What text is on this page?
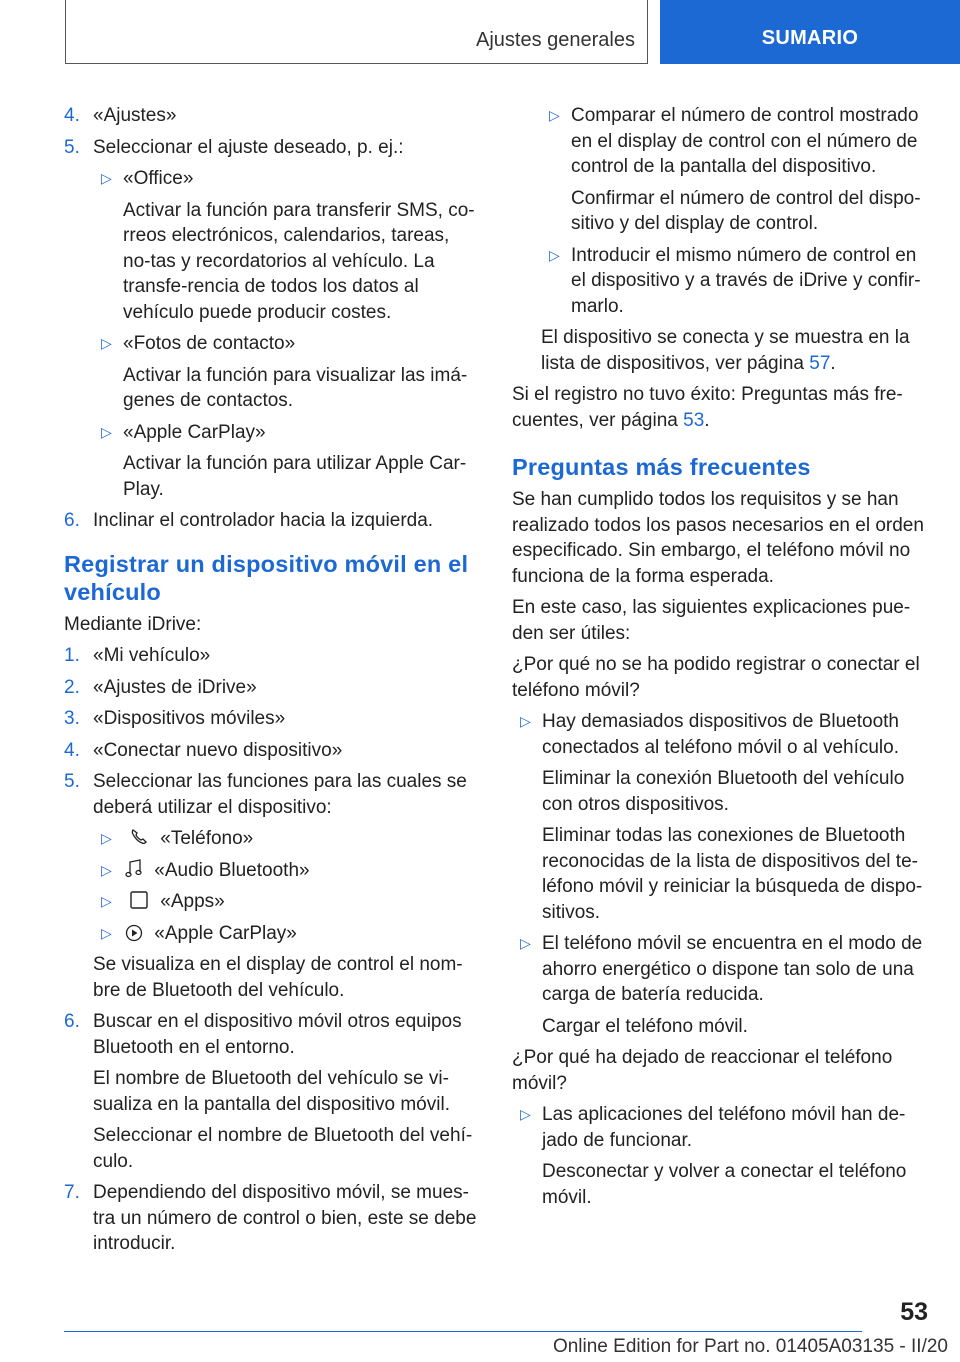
Ajustes generales	SUMARIO
4. «Ajustes»
5. Seleccionar el ajuste deseado, p. ej.:
▷ «Office»
Activar la función para transferir SMS, co-rreos electrónicos, calendarios, tareas, no-tas y recordatorios al vehículo. La transfe-rencia de todos los datos al vehículo puede producir costes.
▷ «Fotos de contacto»
Activar la función para visualizar las imá-genes de contactos.
▷ «Apple CarPlay»
Activar la función para utilizar Apple Car-Play.
6. Inclinar el controlador hacia la izquierda.
Registrar un dispositivo móvil en el vehículo

Mediante iDrive:

1. «Mi vehículo»
2. «Ajustes de iDrive»
3. «Dispositivos móviles»
4. «Conectar nuevo dispositivo»
5. Seleccionar las funciones para las cuales se deberá utilizar el dispositivo:
▷	«Teléfono»
▷ «Audio Bluetooth»
▷	«Apps»
▷ «Apple CarPlay»

Se visualiza en el display de control el nom-bre de Bluetooth del vehículo.

6. Buscar en el dispositivo móvil otros equipos Bluetooth en el entorno.

El nombre de Bluetooth del vehículo se vi-sualiza en la pantalla del dispositivo móvil.

Seleccionar el nombre de Bluetooth del vehí-culo.

7. Dependiendo del dispositivo móvil, se mues-tra un número de control o bien, este se debe introducir.
▷ Comparar el número de control mostrado en el display de control con el número de control de la pantalla del dispositivo.
Confirmar el número de control del dispo-sitivo y del display de control.
▷ Introducir el mismo número de control en el dispositivo y a través de iDrive y confir-marlo.

El dispositivo se conecta y se muestra en la lista de dispositivos, ver página 57.

Si el registro no tuvo éxito: Preguntas más fre-cuentes, ver página 53.

Preguntas más frecuentes

Se han cumplido todos los requisitos y se han realizado todos los pasos necesarios en el orden especificado. Sin embargo, el teléfono móvil no funciona de la forma esperada.

En este caso, las siguientes explicaciones pue-den ser útiles:

¿Por qué no se ha podido registrar o conectar el teléfono móvil?

▷ Hay demasiados dispositivos de Bluetooth conectados al teléfono móvil o al vehículo.
Eliminar la conexión Bluetooth del vehículo con otros dispositivos.
Eliminar todas las conexiones de Bluetooth reconocidas de la lista de dispositivos del te-léfono móvil y reiniciar la búsqueda de dispo-sitivos.
▷ El teléfono móvil se encuentra en el modo de ahorro energético o dispone tan solo de una carga de batería reducida.
Cargar el teléfono móvil.

¿Por qué ha dejado de reaccionar el teléfono móvil?

▷ Las aplicaciones del teléfono móvil han de-jado de funcionar.
Desconectar y volver a conectar el teléfono móvil.
53
Online Edition for Part no. 01405A03135 - II/20
